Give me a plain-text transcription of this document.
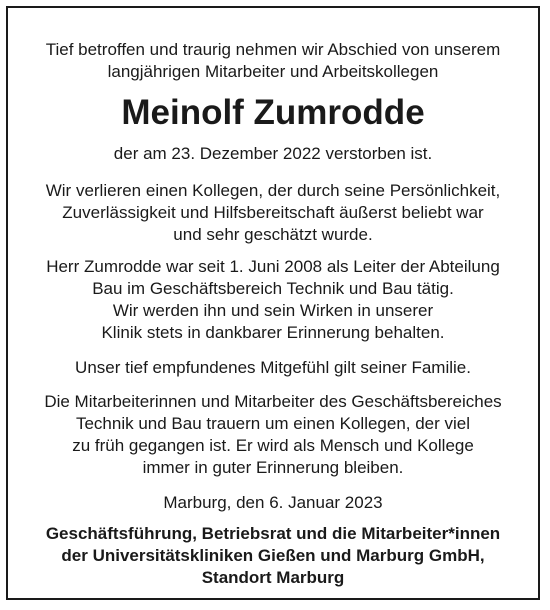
Tief betroffen und traurig nehmen wir Abschied von unserem
langjährigen Mitarbeiter und Arbeitskollegen
Meinolf Zumrodde
der am 23. Dezember 2022 verstorben ist.
Wir verlieren einen Kollegen, der durch seine Persönlichkeit,
Zuverlässigkeit und Hilfsbereitschaft äußerst beliebt war
und sehr geschätzt wurde.
Herr Zumrodde war seit 1. Juni 2008 als Leiter der Abteilung
Bau im Geschäftsbereich Technik und Bau tätig.
Wir werden ihn und sein Wirken in unserer
Klinik stets in dankbarer Erinnerung behalten.
Unser tief empfundenes Mitgefühl gilt seiner Familie.
Die Mitarbeiterinnen und Mitarbeiter des Geschäftsbereiches
Technik und Bau trauern um einen Kollegen, der viel
zu früh gegangen ist. Er wird als Mensch und Kollege
immer in guter Erinnerung bleiben.
Marburg, den 6. Januar 2023
Geschäftsführung, Betriebsrat und die Mitarbeiter*innen
der Universitätskliniken Gießen und Marburg GmbH,
Standort Marburg
